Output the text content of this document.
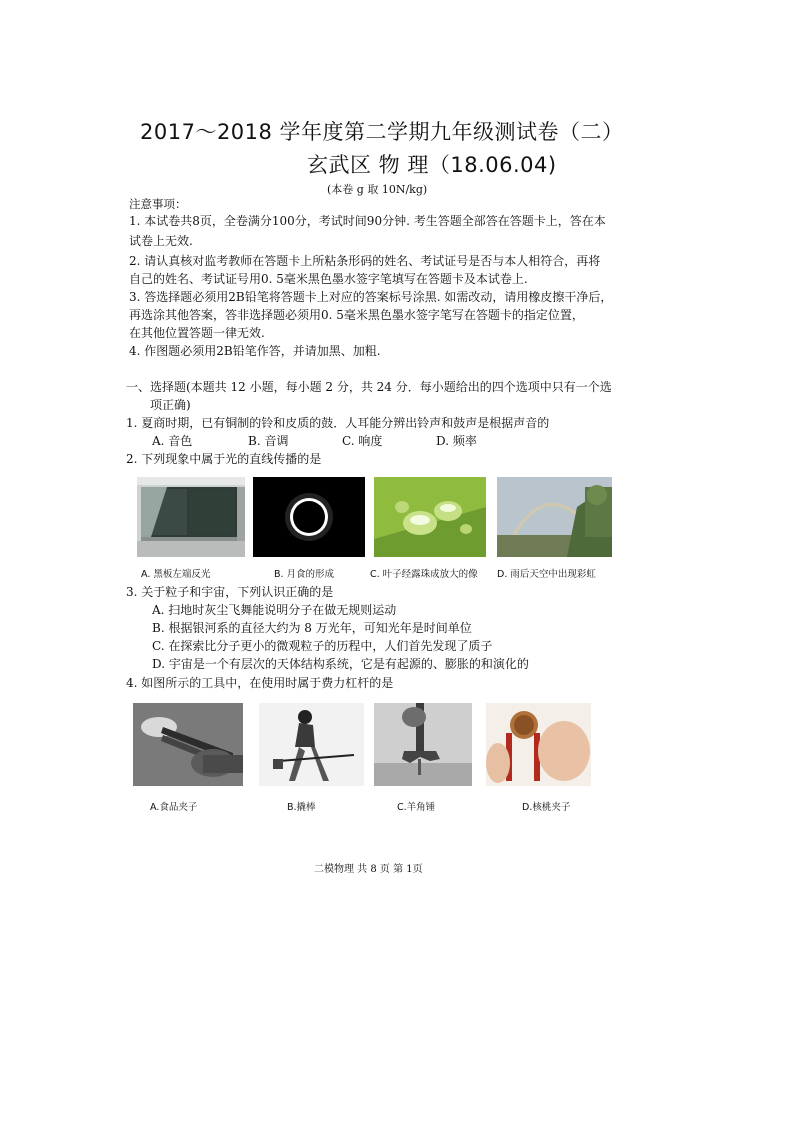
2017～2018 学年度第二学期九年级测试卷（二）
玄武区 物 理（18.06.04)
(本卷 g 取 10N/kg)
注意事项：
1. 本试卷共8页，全卷满分100分，考试时间90分钟. 考生答题全部答在答题卡上，答在本
试卷上无效.
2. 请认真核对监考教师在答题卡上所粘条形码的姓名、考试证号是否与本人相符合，再将
自己的姓名、考试证号用0. 5毫米黑色墨水签字笔填写在答题卡及本试卷上.
3. 答选择题必须用2B铅笔将答题卡上对应的答案标号涂黑. 如需改动，请用橡皮擦干净后，
再选涂其他答案，答非选择题必须用0. 5毫米黑色墨水签字笔写在答题卡的指定位置，
在其他位置答题一律无效.
4. 作图题必须用2B铅笔作答，并请加黑、加粗.
一、选择题(本题共 12 小题，每小题 2 分，共 24 分．每小题给出的四个选项中只有一个选
项正确)
1. 夏商时期，已有铜制的铃和皮质的鼓．人耳能分辨出铃声和鼓声是根据声音的
A. 音色	B. 音调	C. 响度	D. 频率
2. 下列现象中属于光的直线传播的是
A. 黑板左端反光	B. 月食的形成	C. 叶子经露珠成放大的像 D. 雨后天空中出现彩虹
3. 关于粒子和宇宙，下列认识正确的是
A. 扫地时灰尘飞舞能说明分子在做无规则运动
B. 根据银河系的直径大约为 8 万光年，可知光年是时间单位
C. 在探索比分子更小的微观粒子的历程中，人们首先发现了质子
D. 宇宙是一个有层次的天体结构系统，它是有起源的、膨胀的和演化的
4. 如图所示的工具中，在使用时属于费力杠杆的是
A.食品夹子	B.撬棒	C.羊角锤	D.核桃夹子
二模物理 共 8 页 第 1页
